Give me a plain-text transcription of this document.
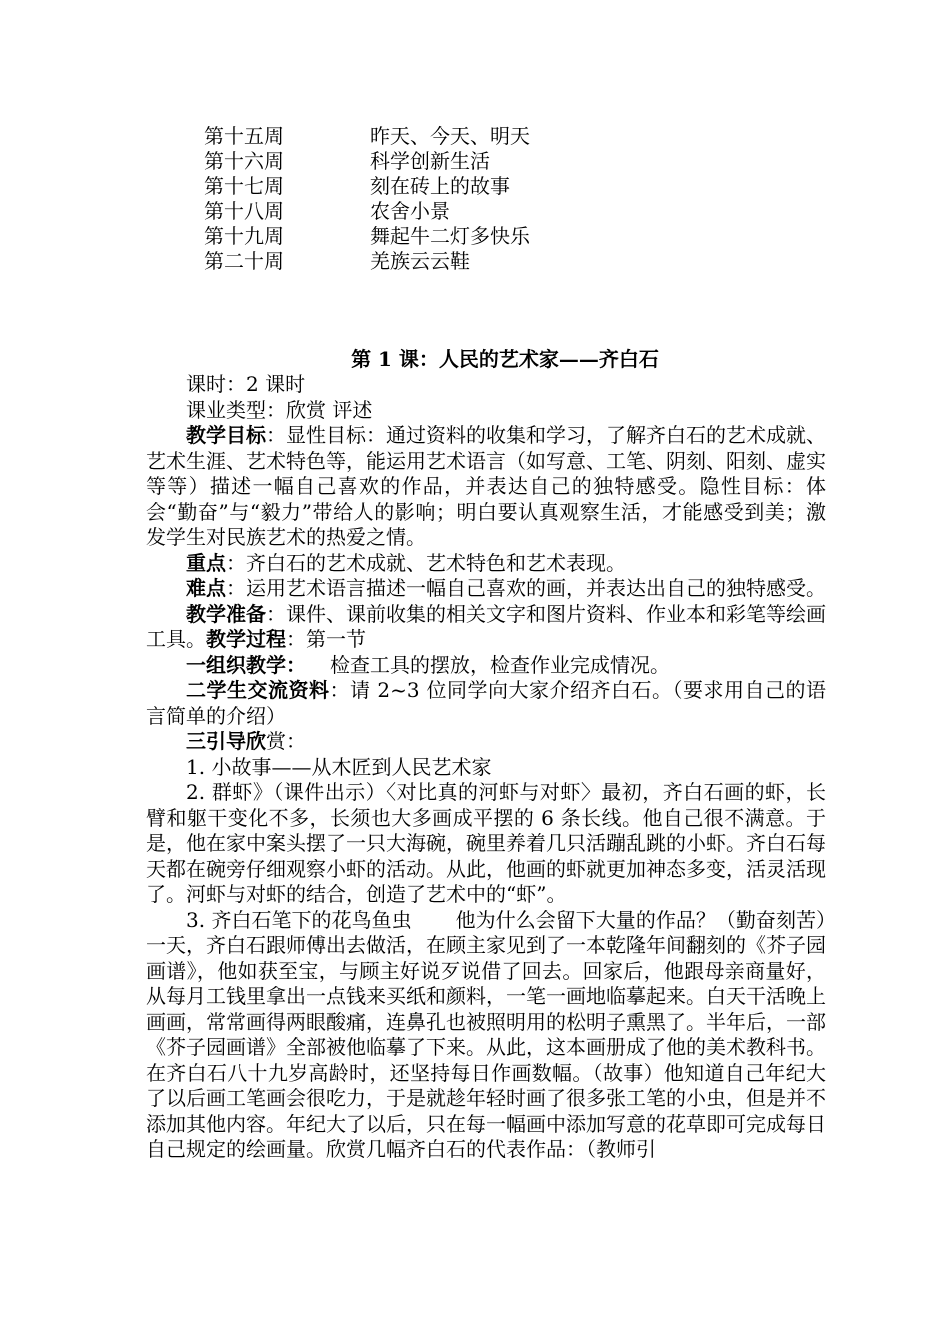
第十五周	昨天、今天、明天
第十六周	科学创新生活
第十七周	刻在砖上的故事
第十八周	农舍小景
第十九周	舞起牛二灯多快乐
第二十周	羌族云云鞋
第 1 课：人民的艺术家——齐白石

课时：2 课时

课业类型：欣赏 评述

教学目标：显性目标：通过资料的收集和学习，了解齐白石的艺术成就、艺术生涯、艺术特色等，能运用艺术语言（如写意、工笔、阴刻、阳刻、虚实等等）描述一幅自己喜欢的作品，并表达自己的独特感受。隐性目标：体会“勤奋”与“毅力”带给人的影响；明白要认真观察生活，才能感受到美；激发学生对民族艺术的热爱之情。

重点：齐白石的艺术成就、艺术特色和艺术表现。

难点：运用艺术语言描述一幅自己喜欢的画，并表达出自己的独特感受。

教学准备：课件、课前收集的相关文字和图片资料、作业本和彩笔等绘画工具。教学过程：第一节

一组织教学： 检查工具的摆放，检查作业完成情况。

二学生交流资料：请 2~3 位同学向大家介绍齐白石。（要求用自己的语言简单的介绍）

三引导欣赏：

1. 小故事——从木匠到人民艺术家

2. 群虾》（课件出示）〈对比真的河虾与对虾〉最初，齐白石画的虾，长臂和躯干变化不多，长须也大多画成平摆的 6 条长线。他自己很不满意。于是，他在家中案头摆了一只大海碗，碗里养着几只活蹦乱跳的小虾。齐白石每天都在碗旁仔细观察小虾的活动。从此，他画的虾就更加神态多变，活灵活现了。河虾与对虾的结合，创造了艺术中的“虾”。

3. 齐白石笔下的花鸟鱼虫 他为什么会留下大量的作品？（勤奋刻苦）一天，齐白石跟师傅出去做活，在顾主家见到了一本乾隆年间翻刻的《芥子园画谱》，他如获至宝，与顾主好说歹说借了回去。回家后，他跟母亲商量好，从每月工钱里拿出一点钱来买纸和颜料，一笔一画地临摹起来。白天干活晚上画画，常常画得两眼酸痛，连鼻孔也被照明用的松明子熏黑了。半年后，一部《芥子园画谱》全部被他临摹了下来。从此，这本画册成了他的美术教科书。在齐白石八十九岁高龄时，还坚持每日作画数幅。（故事）他知道自己年纪大了以后画工笔画会很吃力，于是就趁年轻时画了很多张工笔的小虫，但是并不添加其他内容。年纪大了以后，只在每一幅画中添加写意的花草即可完成每日自己规定的绘画量。欣赏几幅齐白石的代表作品：（教师引
